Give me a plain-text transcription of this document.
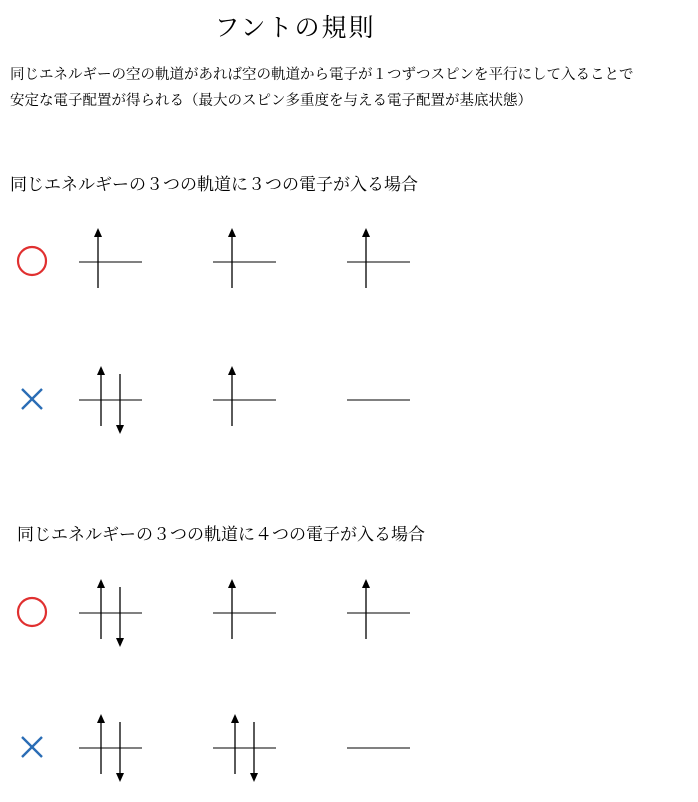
フントの規則
同じエネルギーの空の軌道があれば空の軌道から電子が１つずつスピンを平行にして入ることで
安定な電子配置が得られる（最大のスピン多重度を与える電子配置が基底状態）
同じエネルギーの３つの軌道に３つの電子が入る場合
同じエネルギーの３つの軌道に４つの電子が入る場合
